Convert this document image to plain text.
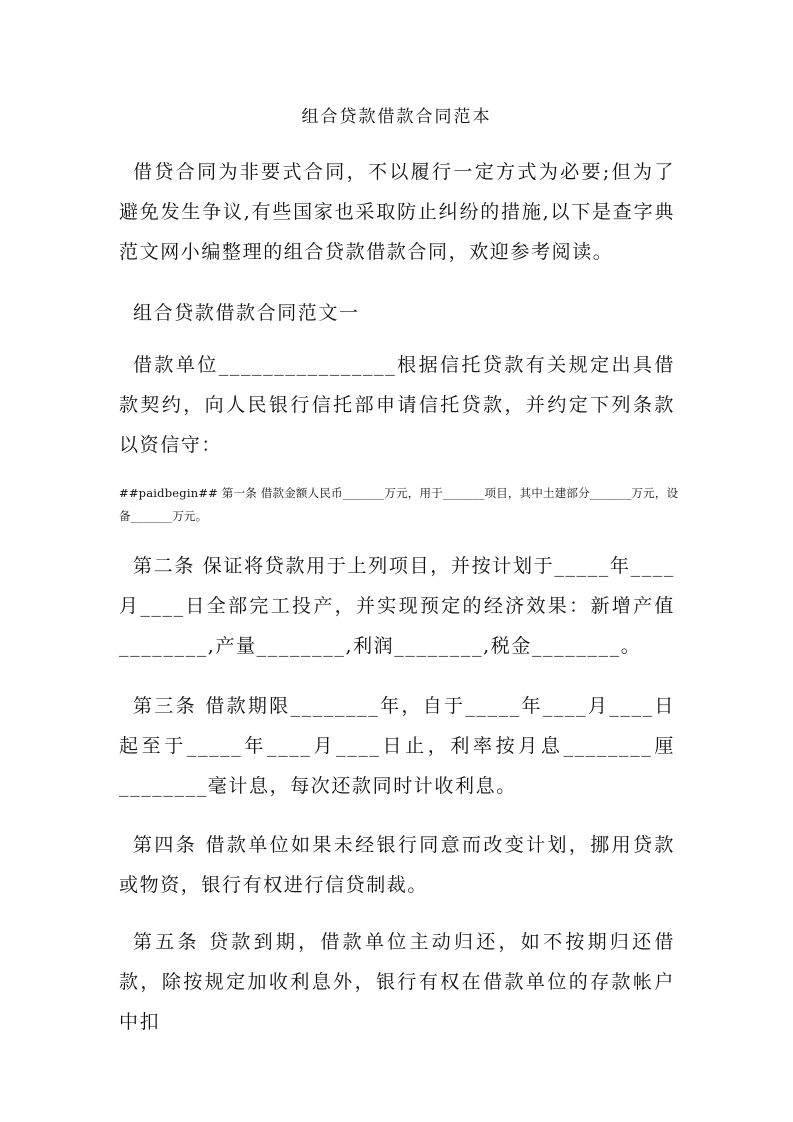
组合贷款借款合同范本
借贷合同为非要式合同，不以履行一定方式为必要;但为了避免发生争议,有些国家也采取防止纠纷的措施,以下是查字典范文网小编整理的组合贷款借款合同，欢迎参考阅读。
组合贷款借款合同范文一
借款单位________________根据信托贷款有关规定出具借款契约，向人民银行信托部申请信托贷款，并约定下列条款以资信守：
##paidbegin## 第一条 借款金额人民币_______万元，用于_______项目，其中土建部分_______万元，设备_______万元。
第二条 保证将贷款用于上列项目，并按计划于_____年____月____日全部完工投产，并实现预定的经济效果：新增产值________,产量________,利润________,税金________。
第三条 借款期限________年，自于_____年____月____日起至于_____年____月____日止，利率按月息________厘________毫计息，每次还款同时计收利息。
第四条 借款单位如果未经银行同意而改变计划，挪用贷款或物资，银行有权进行信贷制裁。
第五条 贷款到期，借款单位主动归还，如不按期归还借款，除按规定加收利息外，银行有权在借款单位的存款帐户中扣
